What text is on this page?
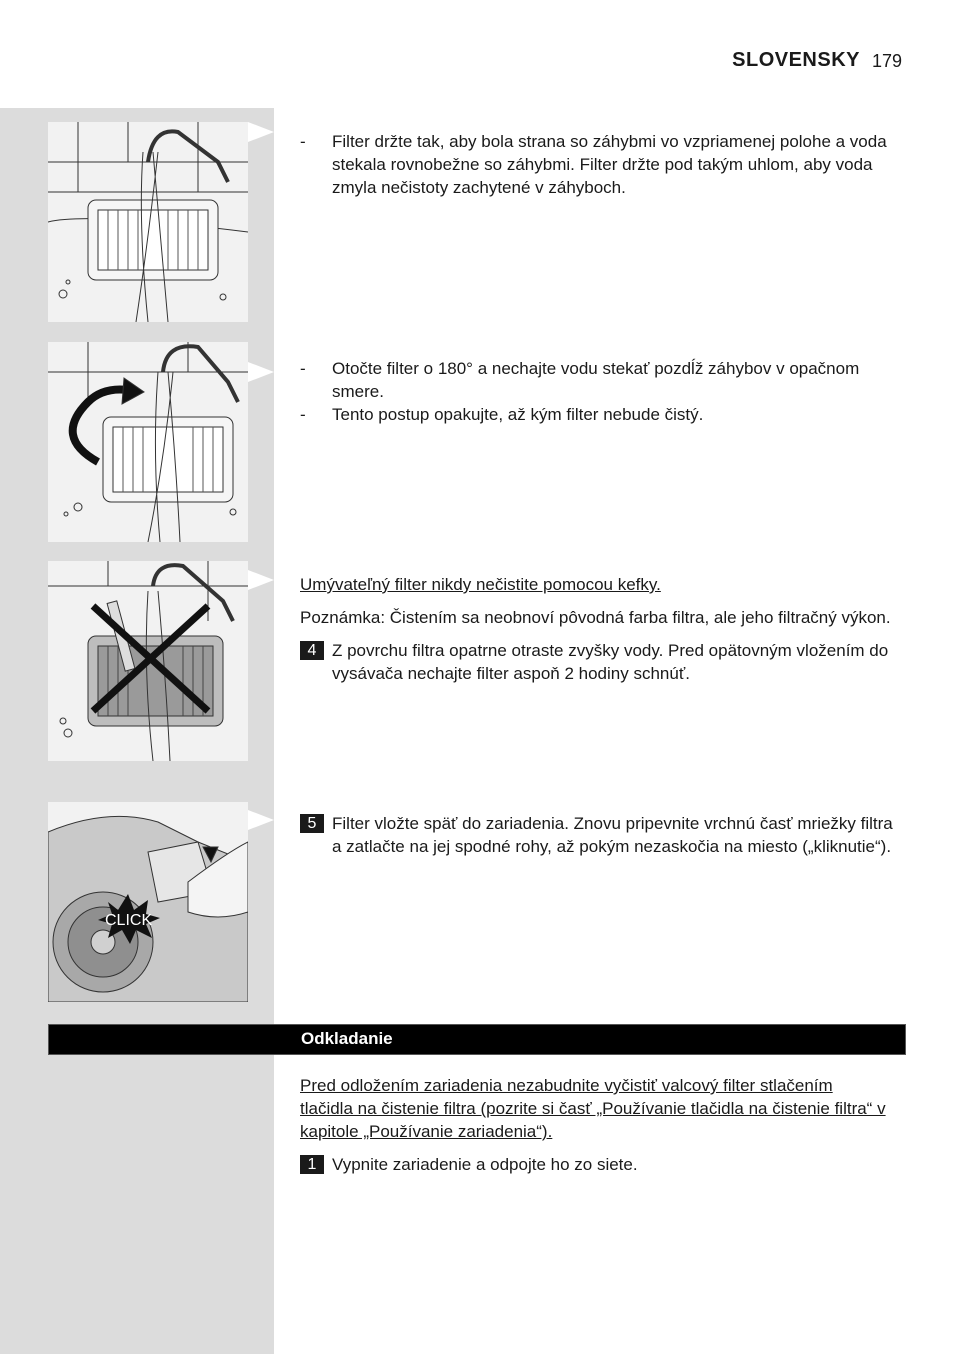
SLOVENSKY 179
CLICK
-	Filter držte tak, aby bola strana so záhybmi vo vzpriamenej polohe a voda stekala rovnobežne so záhybmi. Filter držte pod takým uhlom, aby voda zmyla nečistoty zachytené v záhyboch.
-	Otočte filter o 180° a nechajte vodu stekať pozdĺž záhybov v opačnom smere.
-	Tento postup opakujte, až kým filter nebude čistý.

Umývateľný filter nikdy nečistite pomocou kefky.

Poznámka: Čistením sa neobnoví pôvodná farba filtra, ale jeho filtračný výkon.

4 Z povrchu filtra opatrne otraste zvyšky vody. Pred opätovným vložením do vysávača nechajte filter aspoň 2 hodiny schnúť.
5 Filter vložte späť do zariadenia. Znovu pripevnite vrchnú časť mriežky filtra a zatlačte na jej spodné rohy, až pokým nezaskočia na miesto („kliknutie“).
Odkladanie

Pred odložením zariadenia nezabudnite vyčistiť valcový filter stlačením tlačidla na čistenie filtra (pozrite si časť „Používanie tlačidla na čistenie filtra“ v kapitole „Používanie zariadenia“).

1 Vypnite zariadenie a odpojte ho zo siete.
